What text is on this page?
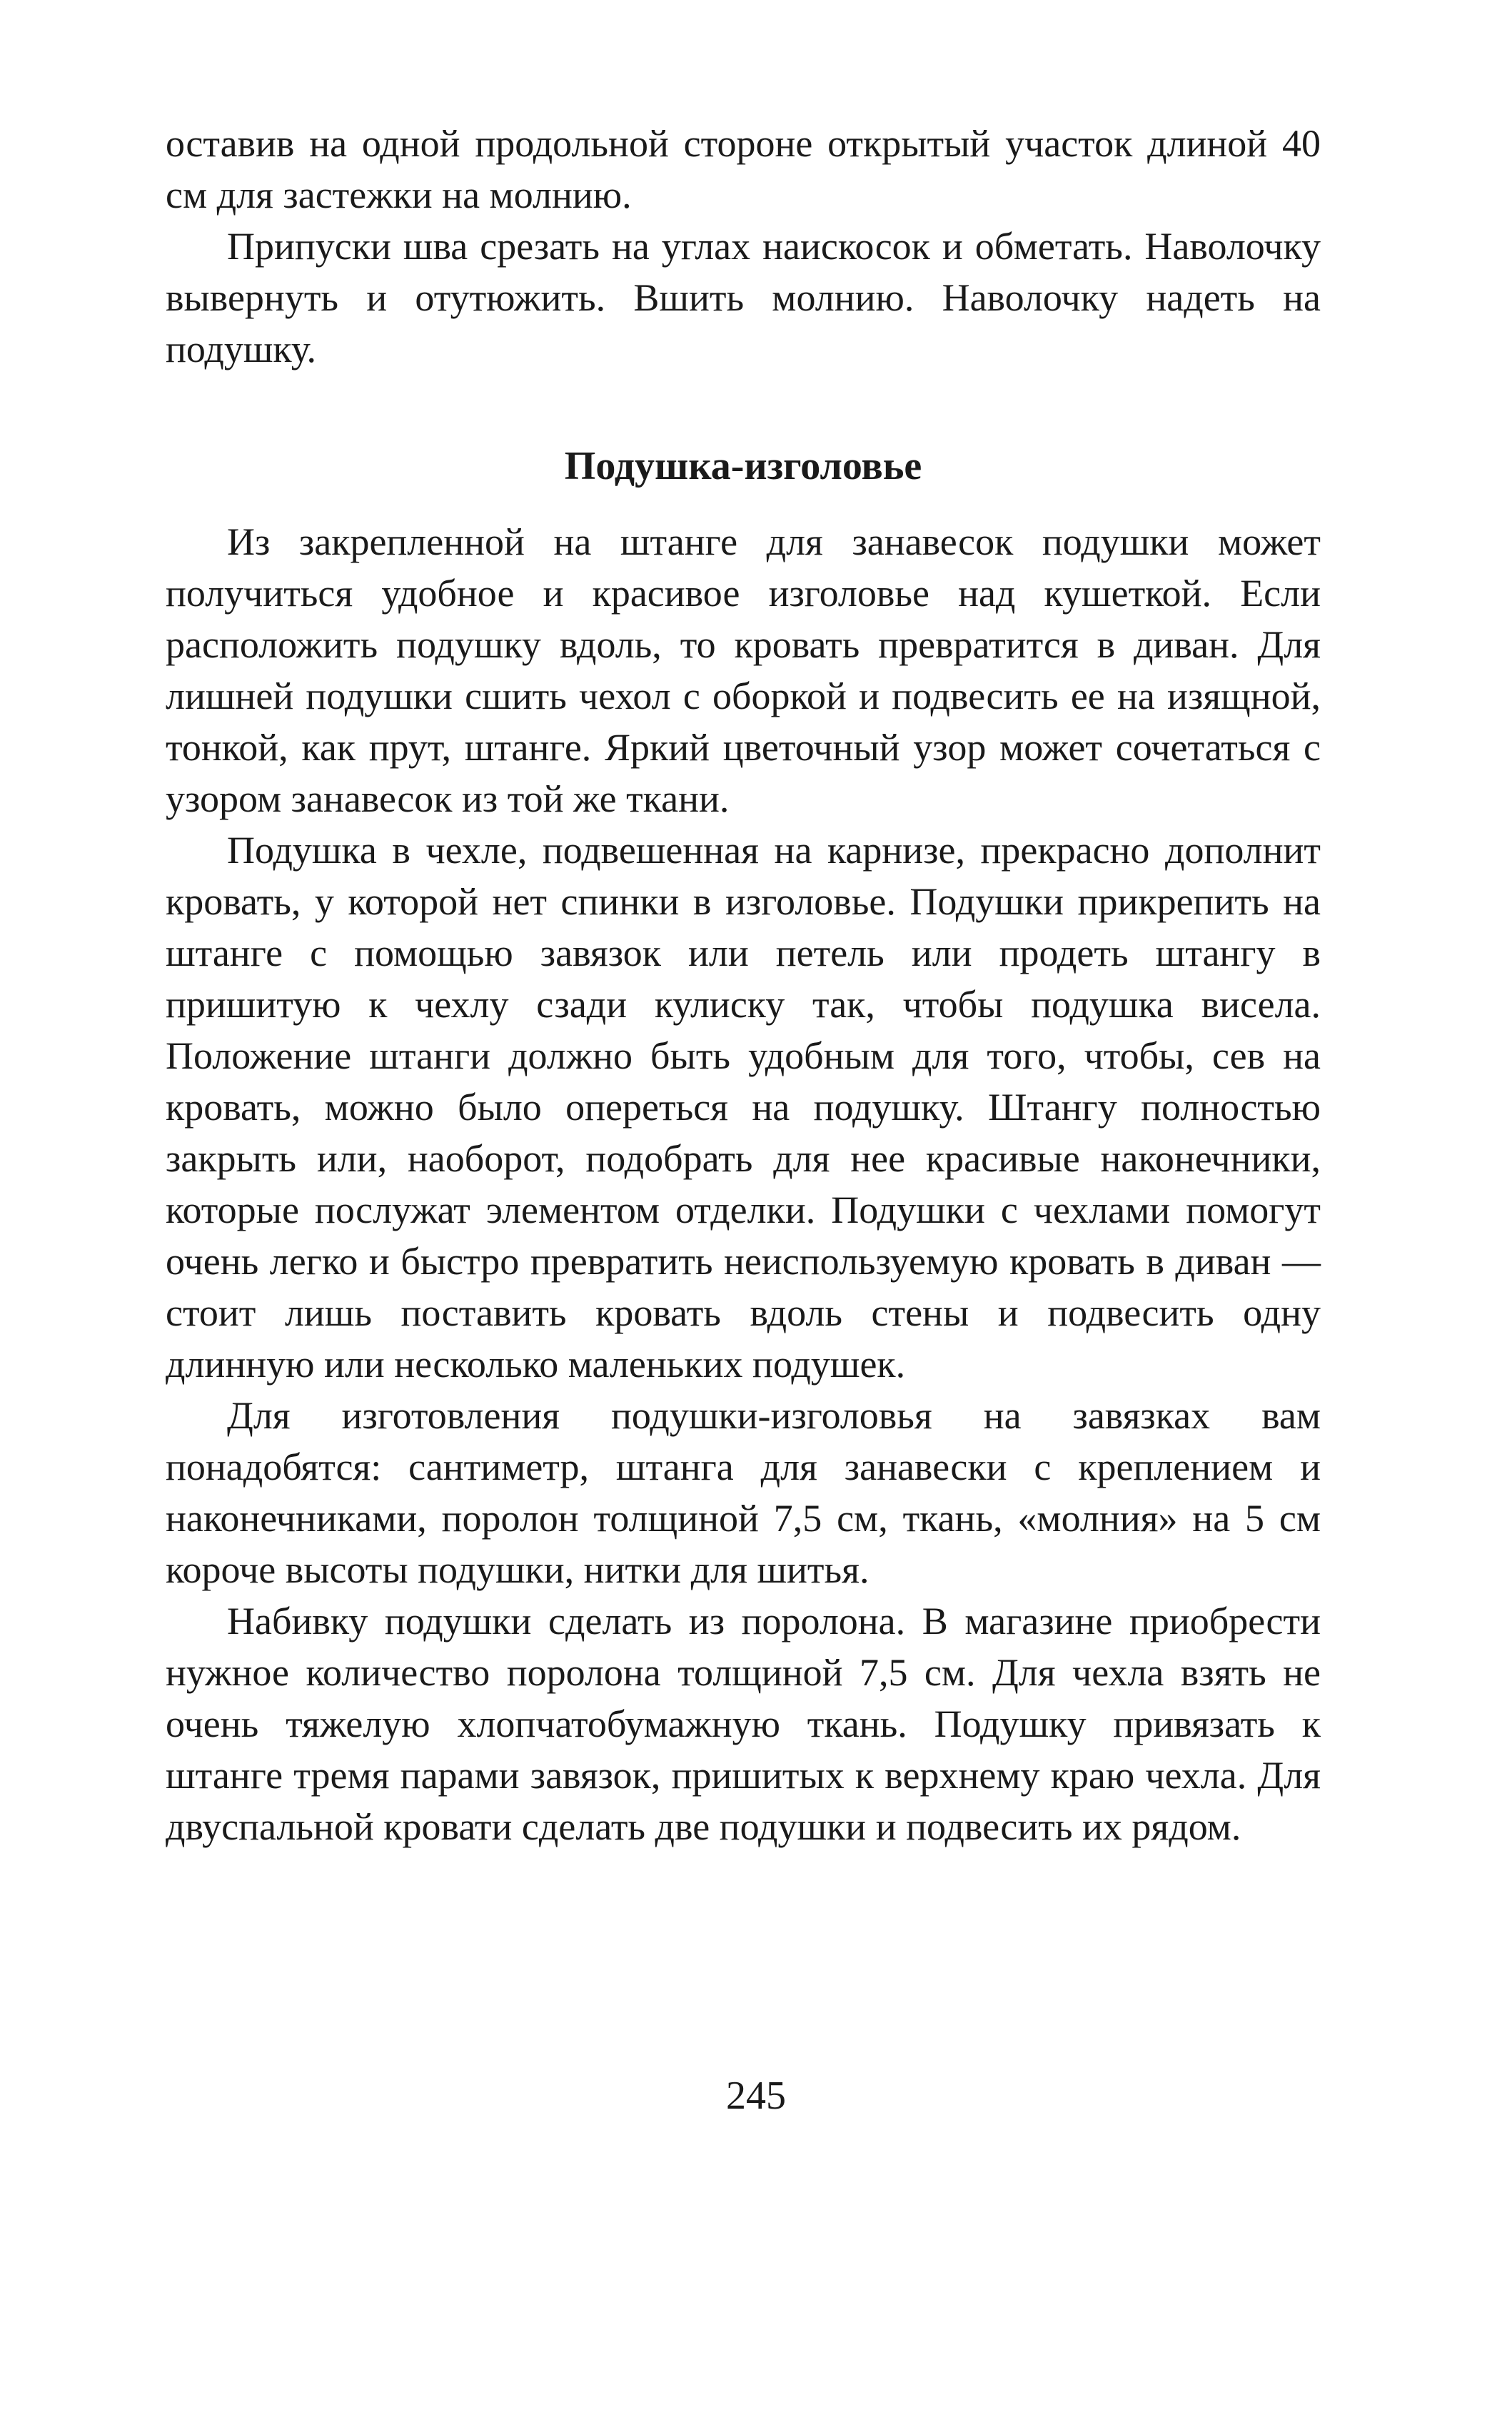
оставив на одной продольной стороне открытый участок длиной 40 см для застежки на молнию.

Припуски шва срезать на углах наискосок и обметать. Наволочку вывернуть и отутюжить. Вшить молнию. Наволочку надеть на подушку.

Подушка-изголовье

Из закрепленной на штанге для занавесок подушки может получиться удобное и красивое изголовье над кушеткой. Если расположить подушку вдоль, то кровать превратится в диван. Для лишней подушки сшить чехол с оборкой и подвесить ее на изящной, тонкой, как прут, штанге. Яркий цветочный узор может сочетаться с узором занавесок из той же ткани.

Подушка в чехле, подвешенная на карнизе, прекрасно дополнит кровать, у которой нет спинки в изголовье. Подушки прикрепить на штанге с помощью завязок или петель или продеть штангу в пришитую к чехлу сзади кулиску так, чтобы подушка висела. Положение штанги должно быть удобным для того, чтобы, сев на кровать, можно было опереться на подушку. Штангу полностью закрыть или, наоборот, подобрать для нее красивые наконечники, которые послужат элементом отделки. Подушки с чехлами помогут очень легко и быстро превратить неиспользуемую кровать в диван — стоит лишь поставить кровать вдоль стены и подвесить одну длинную или несколько маленьких подушек.

Для изготовления подушки-изголовья на завязках вам понадобятся: сантиметр, штанга для занавески с креплением и наконечниками, поролон толщиной 7,5 см, ткань, «молния» на 5 см короче высоты подушки, нитки для шитья.

Набивку подушки сделать из поролона. В магазине приобрести нужное количество поролона толщиной 7,5 см. Для чехла взять не очень тяжелую хлопчатобумажную ткань. Подушку привязать к штанге тремя парами завязок, пришитых к верхнему краю чехла. Для двуспальной кровати сделать две подушки и подвесить их рядом.

245
